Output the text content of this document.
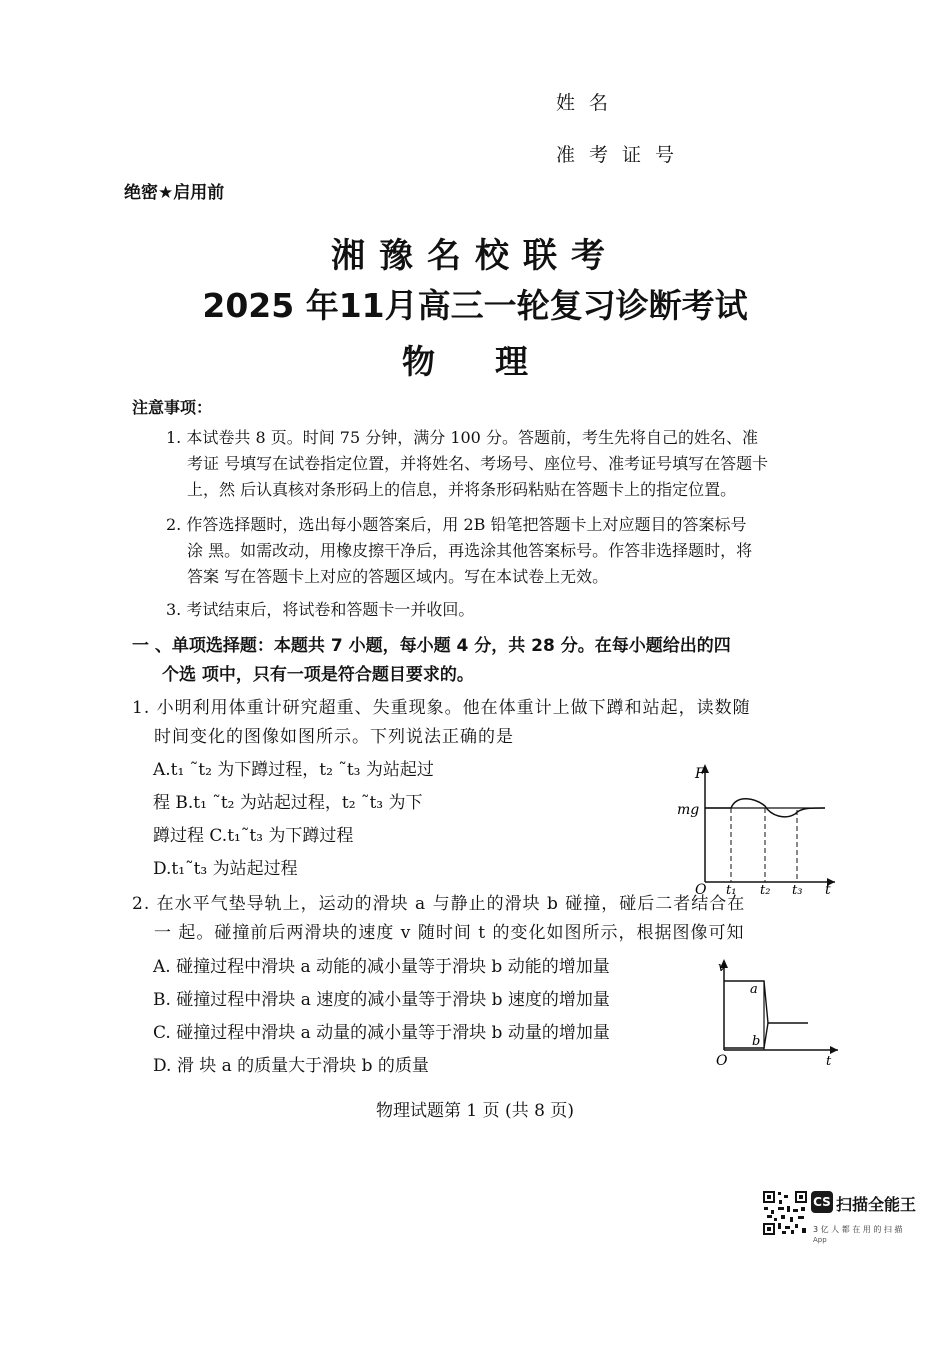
姓名
准考证号
绝密★启用前
湘豫名校联考
2025 年11月高三一轮复习诊断考试
物理
注意事项：
1. 本试卷共 8 页。时间 75 分钟，满分 100 分。答题前，考生先将自己的姓名、准
考证 号填写在试卷指定位置，并将姓名、考场号、座位号、准考证号填写在答题卡
上，然 后认真核对条形码上的信息，并将条形码粘贴在答题卡上的指定位置。
2. 作答选择题时，选出每小题答案后，用 2B 铅笔把答题卡上对应题目的答案标号
涂 黑。如需改动，用橡皮擦干净后，再选涂其他答案标号。作答非选择题时，将
答案 写在答题卡上对应的答题区域内。写在本试卷上无效。
3. 考试结束后，将试卷和答题卡一并收回。
一 、单项选择题：本题共 7 小题，每小题 4 分，共 28 分。在每小题给出的四
个选 项中，只有一项是符合题目要求的。
1. 小明利用体重计研究超重、失重现象。他在体重计上做下蹲和站起，读数随
时间变化的图像如图所示。下列说法正确的是
A.t₁ ˜t₂ 为下蹲过程，t₂ ˜t₃ 为站起过
程 B.t₁ ˜t₂ 为站起过程，t₂ ˜t₃ 为下
蹲过程 C.t₁˜t₃ 为下蹲过程
D.t₁˜t₃ 为站起过程
F
mg
O	t
t₁ t₂ t₃
2. 在水平气垫导轨上，运动的滑块 a 与静止的滑块 b 碰撞，碰后二者结合在
一 起。碰撞前后两滑块的速度 v 随时间 t 的变化如图所示，根据图像可知
A. 碰撞过程中滑块 a 动能的减小量等于滑块 b 动能的增加量
B. 碰撞过程中滑块 a 速度的减小量等于滑块 b 速度的增加量
C. 碰撞过程中滑块 a 动量的减小量等于滑块 b 动量的增加量
D. 滑 块 a 的质量大于滑块 b 的质量
v
a
b
O	t
物理试题第 1 页 (共 8 页)
CS 扫描全能王
3 亿 人 都 在 用 的 扫 描
App
